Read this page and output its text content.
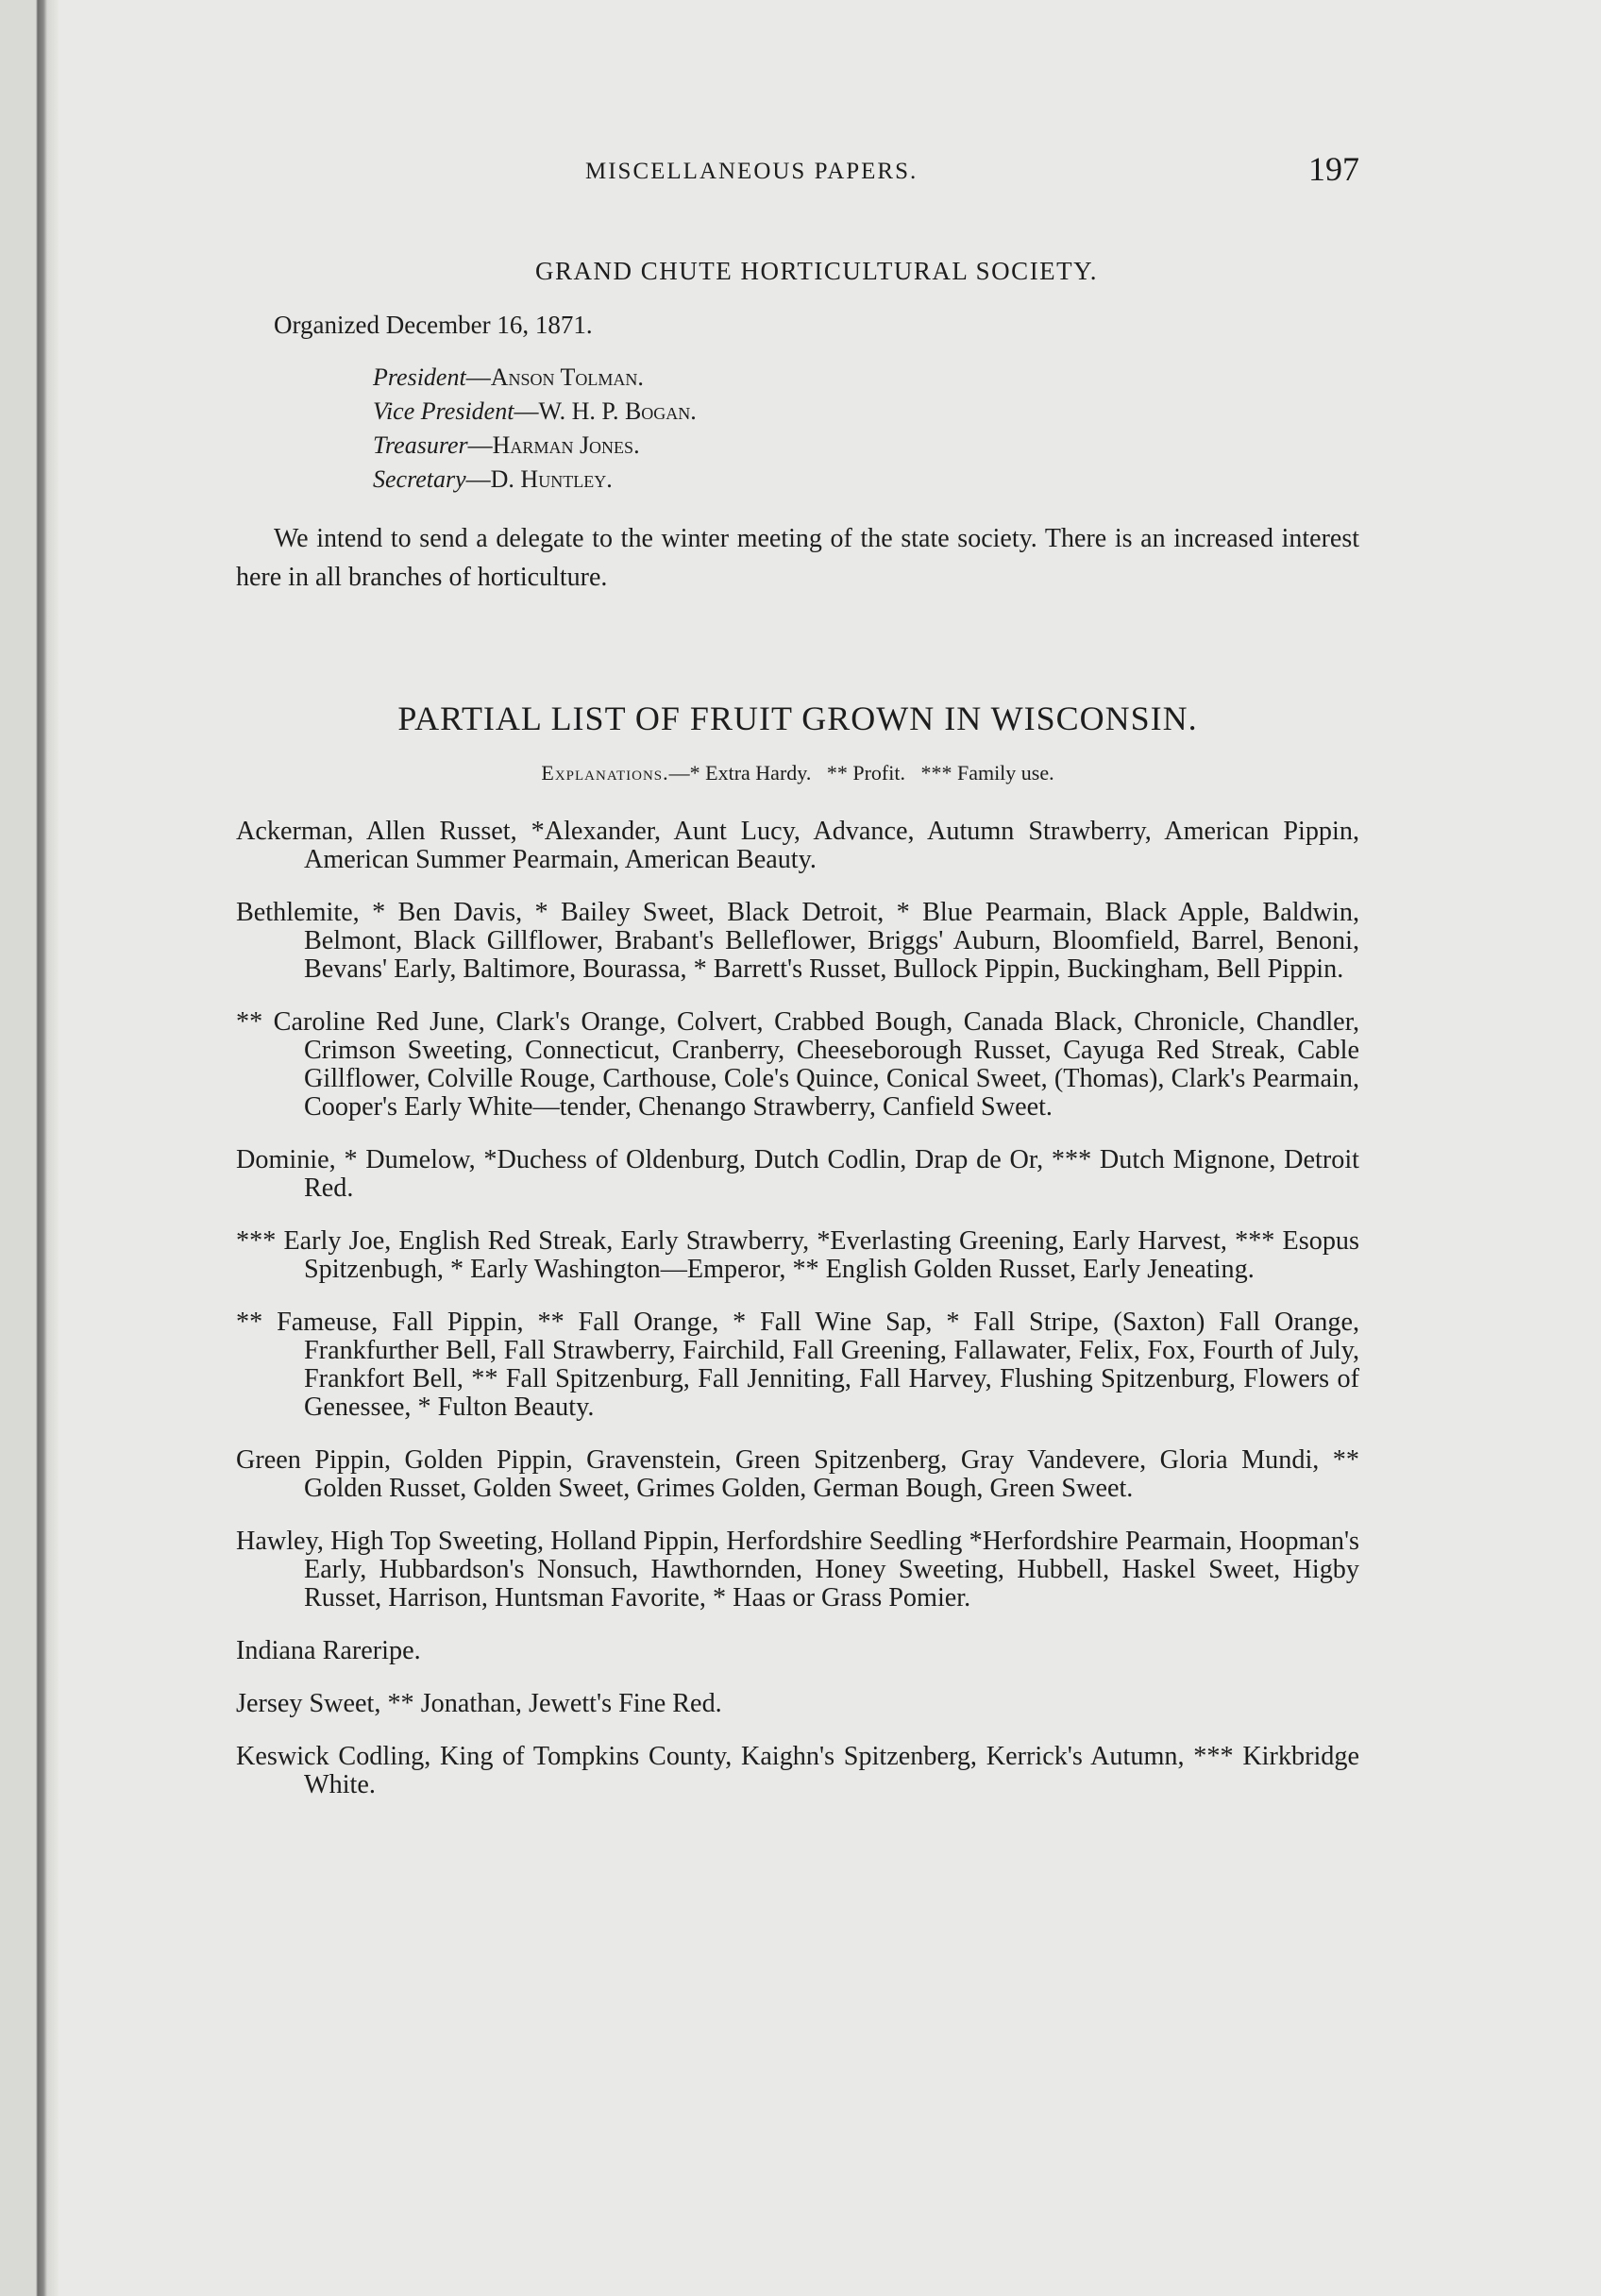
MISCELLANEOUS PAPERS.	197
GRAND CHUTE HORTICULTURAL SOCIETY.
Organized December 16, 1871.
President—Anson Tolman.
Vice President—W. H. P. Bogan.
Treasurer—Harman Jones.
Secretary—D. Huntley.

We intend to send a delegate to the winter meeting of the state society. There is an increased interest here in all branches of horticulture.

PARTIAL LIST OF FRUIT GROWN IN WISCONSIN.
Explanations.—* Extra Hardy.   ** Profit.   *** Family use.
Ackerman, Allen Russet, *Alexander, Aunt Lucy, Advance, Autumn Strawberry, American Pippin, American Summer Pearmain, American Beauty.
Bethlemite, * Ben Davis, * Bailey Sweet, Black Detroit, * Blue Pearmain, Black Apple, Baldwin, Belmont, Black Gillflower, Brabant's Belleflower, Briggs' Auburn, Bloomfield, Barrel, Benoni, Bevans' Early, Baltimore, Bourassa, * Barrett's Russet, Bullock Pippin, Buckingham, Bell Pippin.
** Caroline Red June, Clark's Orange, Colvert, Crabbed Bough, Canada Black, Chronicle, Chandler, Crimson Sweeting, Connecticut, Cranberry, Cheeseborough Russet, Cayuga Red Streak, Cable Gillflower, Colville Rouge, Carthouse, Cole's Quince, Conical Sweet, (Thomas), Clark's Pearmain, Cooper's Early White—tender, Chenango Strawberry, Canfield Sweet.
Dominie, * Dumelow, *Duchess of Oldenburg, Dutch Codlin, Drap de Or, *** Dutch Mignone, Detroit Red.
*** Early Joe, English Red Streak, Early Strawberry, *Everlasting Greening, Early Harvest, *** Esopus Spitzenbugh, * Early Washington—Emperor, ** English Golden Russet, Early Jeneating.
** Fameuse, Fall Pippin, ** Fall Orange, * Fall Wine Sap, * Fall Stripe, (Saxton) Fall Orange, Frankfurther Bell, Fall Strawberry, Fairchild, Fall Greening, Fallawater, Felix, Fox, Fourth of July, Frankfort Bell, ** Fall Spitzenburg, Fall Jenniting, Fall Harvey, Flushing Spitzenburg, Flowers of Genessee, * Fulton Beauty.
Green Pippin, Golden Pippin, Gravenstein, Green Spitzenberg, Gray Vandevere, Gloria Mundi, ** Golden Russet, Golden Sweet, Grimes Golden, German Bough, Green Sweet.
Hawley, High Top Sweeting, Holland Pippin, Herfordshire Seedling *Herfordshire Pearmain, Hoopman's Early, Hubbardson's Nonsuch, Hawthornden, Honey Sweeting, Hubbell, Haskel Sweet, Higby Russet, Harrison, Huntsman Favorite, * Haas or Grass Pomier.
Indiana Rareripe.
Jersey Sweet, ** Jonathan, Jewett's Fine Red.
Keswick Codling, King of Tompkins County, Kaighn's Spitzenberg, Kerrick's Autumn, *** Kirkbridge White.
